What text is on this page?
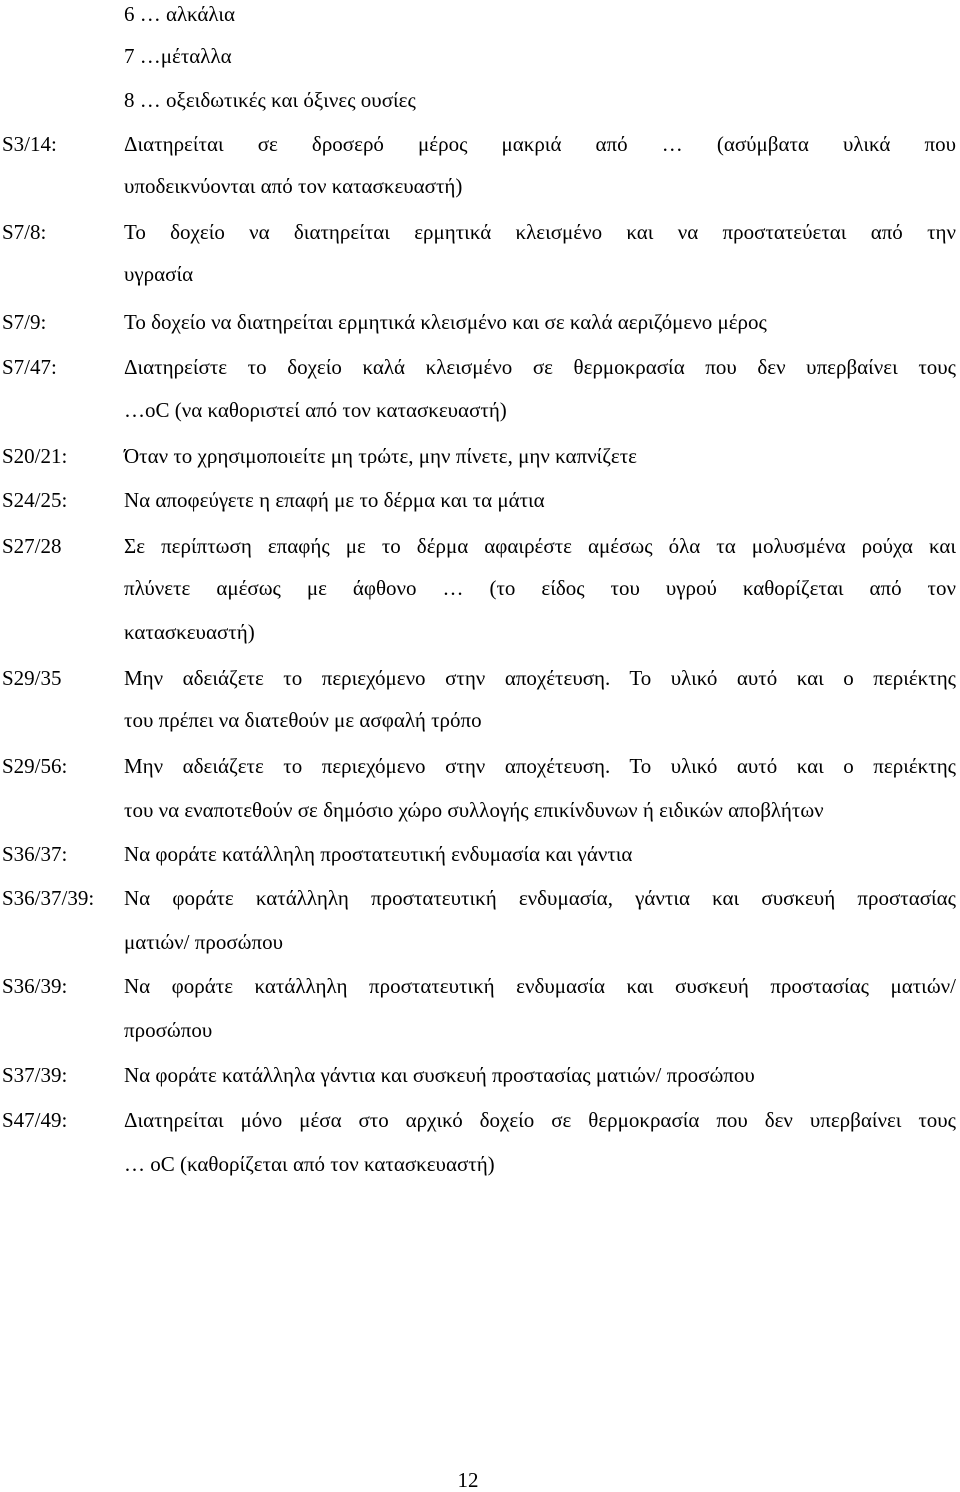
6 … αλκάλια
7 …μέταλλα
8 … οξειδωτικές και όξινες ουσίες
S3/14:	Διατηρείται σε δροσερό μέρος μακριά από … (ασύμβατα υλικά που
υποδεικνύονται από τον κατασκευαστή)
S7/8:	Το δοχείο να διατηρείται ερμητικά κλεισμένο και να προστατεύεται από την
υγρασία
S7/9:	Το δοχείο να διατηρείται ερμητικά κλεισμένο και σε καλά αεριζόμενο μέρος
S7/47:	Διατηρείστε το δοχείο καλά κλεισμένο σε θερμοκρασία που δεν υπερβαίνει τους
…oC (να καθοριστεί από τον κατασκευαστή)
S20/21:	Όταν το χρησιμοποιείτε μη τρώτε, μην πίνετε, μην καπνίζετε
S24/25:	Να αποφεύγετε η επαφή με το δέρμα και τα μάτια
S27/28	Σε περίπτωση επαφής με το δέρμα αφαιρέστε αμέσως όλα τα μολυσμένα ρούχα και
πλύνετε αμέσως με άφθονο … (το είδος του υγρού καθορίζεται από τον
κατασκευαστή)
S29/35	Μην αδειάζετε το περιεχόμενο στην αποχέτευση. Το υλικό αυτό και ο περιέκτης
του πρέπει να διατεθούν με ασφαλή τρόπο
S29/56:	Μην αδειάζετε το περιεχόμενο στην αποχέτευση. Το υλικό αυτό και ο περιέκτης
του να εναποτεθούν σε δημόσιο χώρο συλλογής επικίνδυνων ή ειδικών αποβλήτων
S36/37:	Να φοράτε κατάλληλη προστατευτική ενδυμασία και γάντια
S36/37/39: Να φοράτε κατάλληλη προστατευτική ενδυμασία, γάντια και συσκευή προστασίας
ματιών/ προσώπου
S36/39:	Να φοράτε κατάλληλη προστατευτική ενδυμασία και συσκευή προστασίας ματιών/
προσώπου
S37/39:	Να φοράτε κατάλληλα γάντια και συσκευή προστασίας ματιών/ προσώπου
S47/49:	Διατηρείται μόνο μέσα στο αρχικό δοχείο σε θερμοκρασία που δεν υπερβαίνει τους
… oC (καθορίζεται από τον κατασκευαστή)
12
